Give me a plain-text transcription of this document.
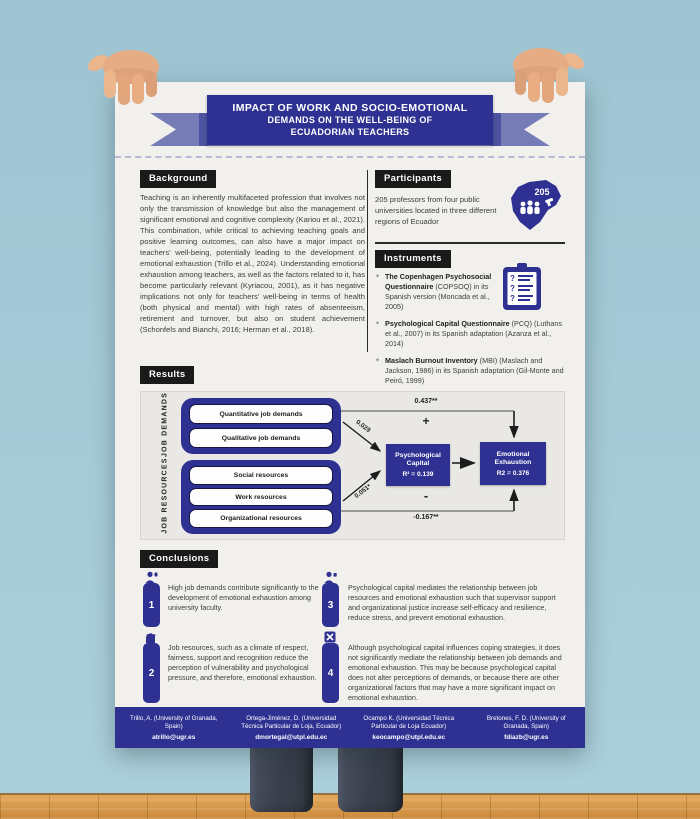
IMPACT OF WORK AND SOCIO-EMOTIONAL
DEMANDS ON THE WELL-BEING OF
ECUADORIAN TEACHERS
Background
Teaching is an inherently multifaceted profession that involves not only the transmission of knowledge but also the management of significant emotional and cognitive complexity (Kariou et al., 2021). This combination, while critical to achieving teaching goals and positive learning outcomes, can also have a major impact on teachers' well-being, potentially leading to the development of emotional exhaustion (Trillo et al., 2024). Understanding emotional exhaustion among teachers, as well as the factors related to it, has become particularly relevant (Kyriacou, 2001), as it has negative implications not only for teachers' well-being in terms of health (both physical and mental) with high rates of absenteeism, retirement and turnover, but also on student achievement (Schonfels and Bianchi, 2016; Herman et al., 2018).
Participants
205 professors from four public universities located in three different regions of Ecuador
205
Instruments
?
?
?
✦ The Copenhagen Psychosocial Questionnaire (COPSOQ) in its Spanish version (Moncada et al., 2005)
✦ Psychological Capital Questionnaire (PCQ) (Luthans et al., 2007) in its Spanish adaptation (Azanza et al., 2014)
✦ Maslach Burnout Inventory (MBI) (Maslach and Jackson, 1986) in its Spanish adaptation (Gil-Monte and Peiró, 1999)
Results
JOB DEMANDS	Quantitative job demands
Qualitative job demands
JOB RESOURCES	Social resources
Work resources
Organizational resources
Psychological Capital
R² = 0.139
Emotional Exhaustion
R2 = 0.376
0.437**
+
0.029
0.051*	-
-0.167**
Conclusions
1
High job demands contribute significantly to the development of emotional exhaustion among university faculty.
2
Job resources, such as a climate of respect, fairness, support and recognition reduce the perception of vulnerability and psychological pressure, and therefore, emotional exhaustion.
3
Psychological capital mediates the relationship between job resources and emotional exhaustion such that supervisor support and organizational justice increase self-efficacy and resilience, reduce stress, and prevent emotional exhaustion.
4
Although psychological capital influences coping strategies, it does not significantly mediate the relationship between job demands and emotional exhaustion. This may be because psychological capital does not alter perceptions of demands, or because there are other organizational factors that may have a more significant impact on emotional exhaustion.
Trillo, A. (University of Granada, Spain)
atrillo@ugr.es
Ortega-Jiménez, D. (Universidad Técnica Particular de Loja, Ecuador)
dmortegal@utpl.edu.ec
Ocampo K. (Universidad Técnica Particular de Loja Ecuador)
keocampo@utpl.edu.ec
Bretones, F. D. (University of Granada, Spain)
fdiazb@ugr.es
